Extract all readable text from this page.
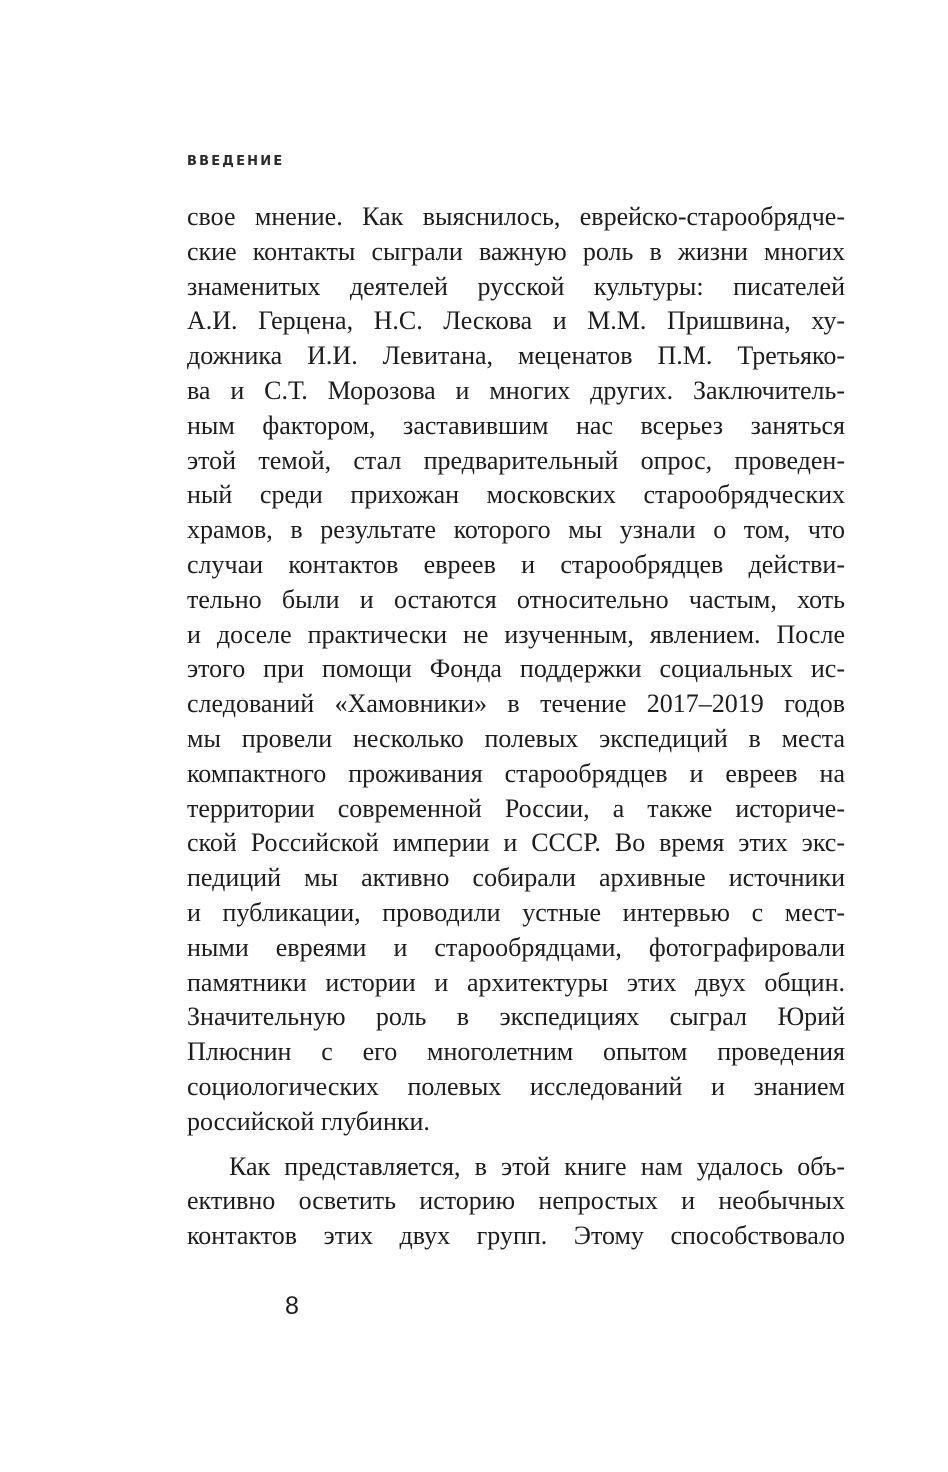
ВВЕДЕНИЕ
свое мнение. Как выяснилось, еврейско-старообрядче-
ские контакты сыграли важную роль в жизни многих
знаменитых деятелей русской культуры: писателей
А.И. Герцена, Н.С. Лескова и М.М. Пришвина, ху-
дожника И.И. Левитана, меценатов П.М. Третьяко-
ва и С.Т. Морозова и многих других. Заключитель-
ным фактором, заставившим нас всерьез заняться
этой темой, стал предварительный опрос, проведен-
ный среди прихожан московских старообрядческих
храмов, в результате которого мы узнали о том, что
случаи контактов евреев и старообрядцев действи-
тельно были и остаются относительно частым, хоть
и доселе практически не изученным, явлением. После
этого при помощи Фонда поддержки социальных ис-
следований «Хамовники» в течение 2017–2019 годов
мы провели несколько полевых экспедиций в места
компактного проживания старообрядцев и евреев на
территории современной России, а также историче-
ской Российской империи и СССР. Во время этих экс-
педиций мы активно собирали архивные источники
и публикации, проводили устные интервью с мест-
ными евреями и старообрядцами, фотографировали
памятники истории и архитектуры этих двух общин.
Значительную роль в экспедициях сыграл Юрий
Плюснин с его многолетним опытом проведения
социологических полевых исследований и знанием
российской глубинки.
Как представляется, в этой книге нам удалось объ-
ективно осветить историю непростых и необычных
контактов этих двух групп. Этому способствовало
8
